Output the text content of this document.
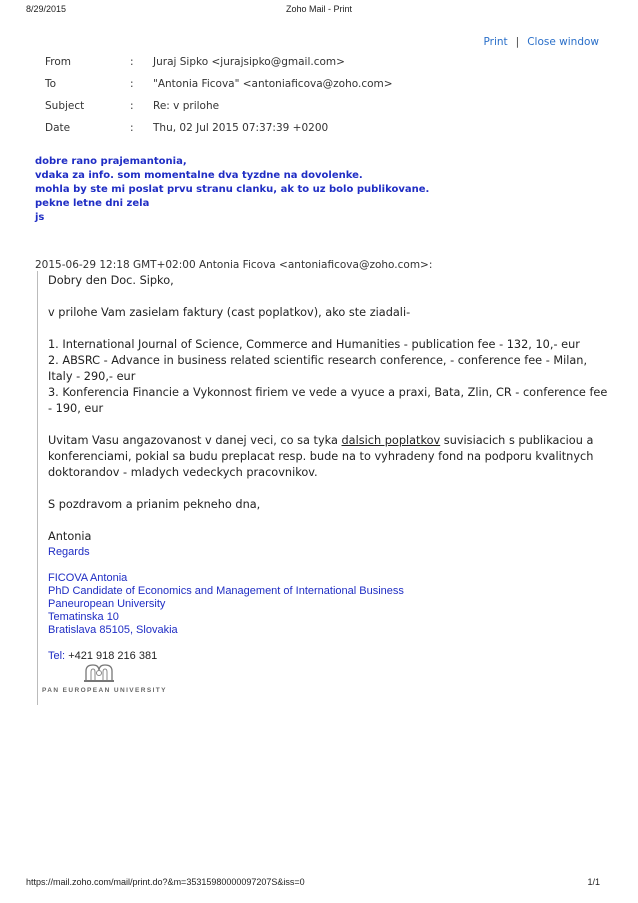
8/29/2015	Zoho Mail - Print
Print | Close window
From	: Juraj Sipko <jurajsipko@gmail.com>
To	: "Antonia Ficova" <antoniaficova@zoho.com>
Subject	: Re: v prilohe
Date	: Thu, 02 Jul 2015 07:37:39 +0200
dobre rano prajemantonia,
vdaka za info. som momentalne dva tyzdne na dovolenke.
mohla by ste mi poslat prvu stranu clanku, ak to uz bolo publikovane.
pekne letne dni zela
js
2015-06-29 12:18 GMT+02:00 Antonia Ficova <antoniaficova@zoho.com>:

Dobry den Doc. Sipko,

v prilohe Vam zasielam faktury (cast poplatkov), ako ste ziadali-

1. International Journal of Science, Commerce and Humanities - publication fee - 132, 10,- eur

2. ABSRC - Advance in business related scientific research conference, - conference fee - Milan, Italy - 290,- eur

3. Konferencia Financie a Vykonnost firiem ve vede a vyuce a praxi, Bata, Zlin, CR - conference fee - 190, eur

Uvitam Vasu angazovanost v danej veci, co sa tyka dalsich poplatkov suvisiacich s publikaciou a konferenciami, pokial sa budu preplacat resp. bude na to vyhradeny fond na podporu kvalitnych doktorandov - mladych vedeckych pracovnikov.

S pozdravom a prianim pekneho dna,

Antonia

Regards
FICOVA Antonia
PhD Candidate of Economics and Management of International Business
Paneuropean University
Tematinska 10
Bratislava 85105, Slovakia
Tel: +421 918 216 381
PAN EUROPEAN UNIVERSITY
https://mail.zoho.com/mail/print.do?&m=35315980000097207S&iss=0	1/1
